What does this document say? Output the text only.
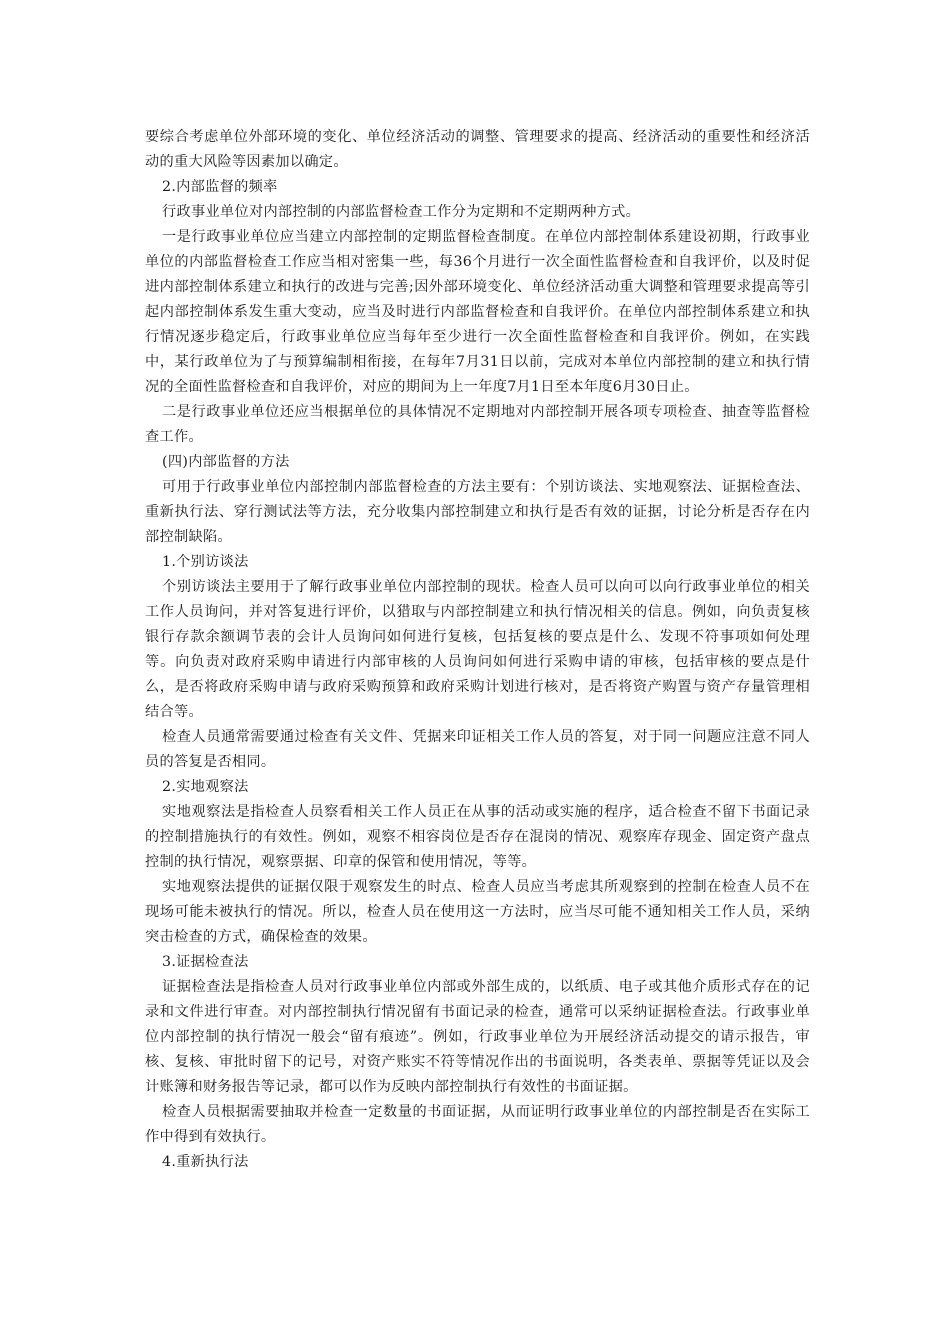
要综合考虑单位外部环境的变化、单位经济活动的调整、管理要求的提高、经济活动的重要性和经济活动的重大风险等因素加以确定。

2.内部监督的频率

行政事业单位对内部控制的内部监督检查工作分为定期和不定期两种方式。

一是行政事业单位应当建立内部控制的定期监督检查制度。在单位内部控制体系建设初期，行政事业单位的内部监督检查工作应当相对密集一些，每36个月进行一次全面性监督检查和自我评价，以及时促进内部控制体系建立和执行的改进与完善;因外部环境变化、单位经济活动重大调整和管理要求提高等引起内部控制体系发生重大变动，应当及时进行内部监督检查和自我评价。在单位内部控制体系建立和执行情况逐步稳定后，行政事业单位应当每年至少进行一次全面性监督检查和自我评价。例如，在实践中，某行政单位为了与预算编制相衔接，在每年7月31日以前，完成对本单位内部控制的建立和执行情况的全面性监督检查和自我评价，对应的期间为上一年度7月1日至本年度6月30日止。

二是行政事业单位还应当根据单位的具体情况不定期地对内部控制开展各项专项检查、抽查等监督检查工作。

(四)内部监督的方法

可用于行政事业单位内部控制内部监督检查的方法主要有：个别访谈法、实地观察法、证据检查法、重新执行法、穿行测试法等方法，充分收集内部控制建立和执行是否有效的证据，讨论分析是否存在内部控制缺陷。

1.个别访谈法

个别访谈法主要用于了解行政事业单位内部控制的现状。检查人员可以向可以向行政事业单位的相关工作人员询问，并对答复进行评价，以猎取与内部控制建立和执行情况相关的信息。例如，向负责复核银行存款余额调节表的会计人员询问如何进行复核，包括复核的要点是什么、发现不符事项如何处理等。向负责对政府采购申请进行内部审核的人员询问如何进行采购申请的审核，包括审核的要点是什么，是否将政府采购申请与政府采购预算和政府采购计划进行核对，是否将资产购置与资产存量管理相结合等。

检查人员通常需要通过检查有关文件、凭据来印证相关工作人员的答复，对于同一问题应注意不同人员的答复是否相同。

2.实地观察法

实地观察法是指检查人员察看相关工作人员正在从事的活动或实施的程序，适合检查不留下书面记录的控制措施执行的有效性。例如，观察不相容岗位是否存在混岗的情况、观察库存现金、固定资产盘点控制的执行情况，观察票据、印章的保管和使用情况，等等。

实地观察法提供的证据仅限于观察发生的时点、检查人员应当考虑其所观察到的控制在检查人员不在现场可能未被执行的情况。所以，检查人员在使用这一方法时，应当尽可能不通知相关工作人员，采纳突击检查的方式，确保检查的效果。

3.证据检查法

证据检查法是指检查人员对行政事业单位内部或外部生成的，以纸质、电子或其他介质形式存在的记录和文件进行审查。对内部控制执行情况留有书面记录的检查，通常可以采纳证据检查法。行政事业单位内部控制的执行情况一般会“留有痕迹”。例如，行政事业单位为开展经济活动提交的请示报告，审核、复核、审批时留下的记号，对资产账实不符等情况作出的书面说明，各类表单、票据等凭证以及会计账簿和财务报告等记录，都可以作为反映内部控制执行有效性的书面证据。

检查人员根据需要抽取并检查一定数量的书面证据，从而证明行政事业单位的内部控制是否在实际工作中得到有效执行。

4.重新执行法
